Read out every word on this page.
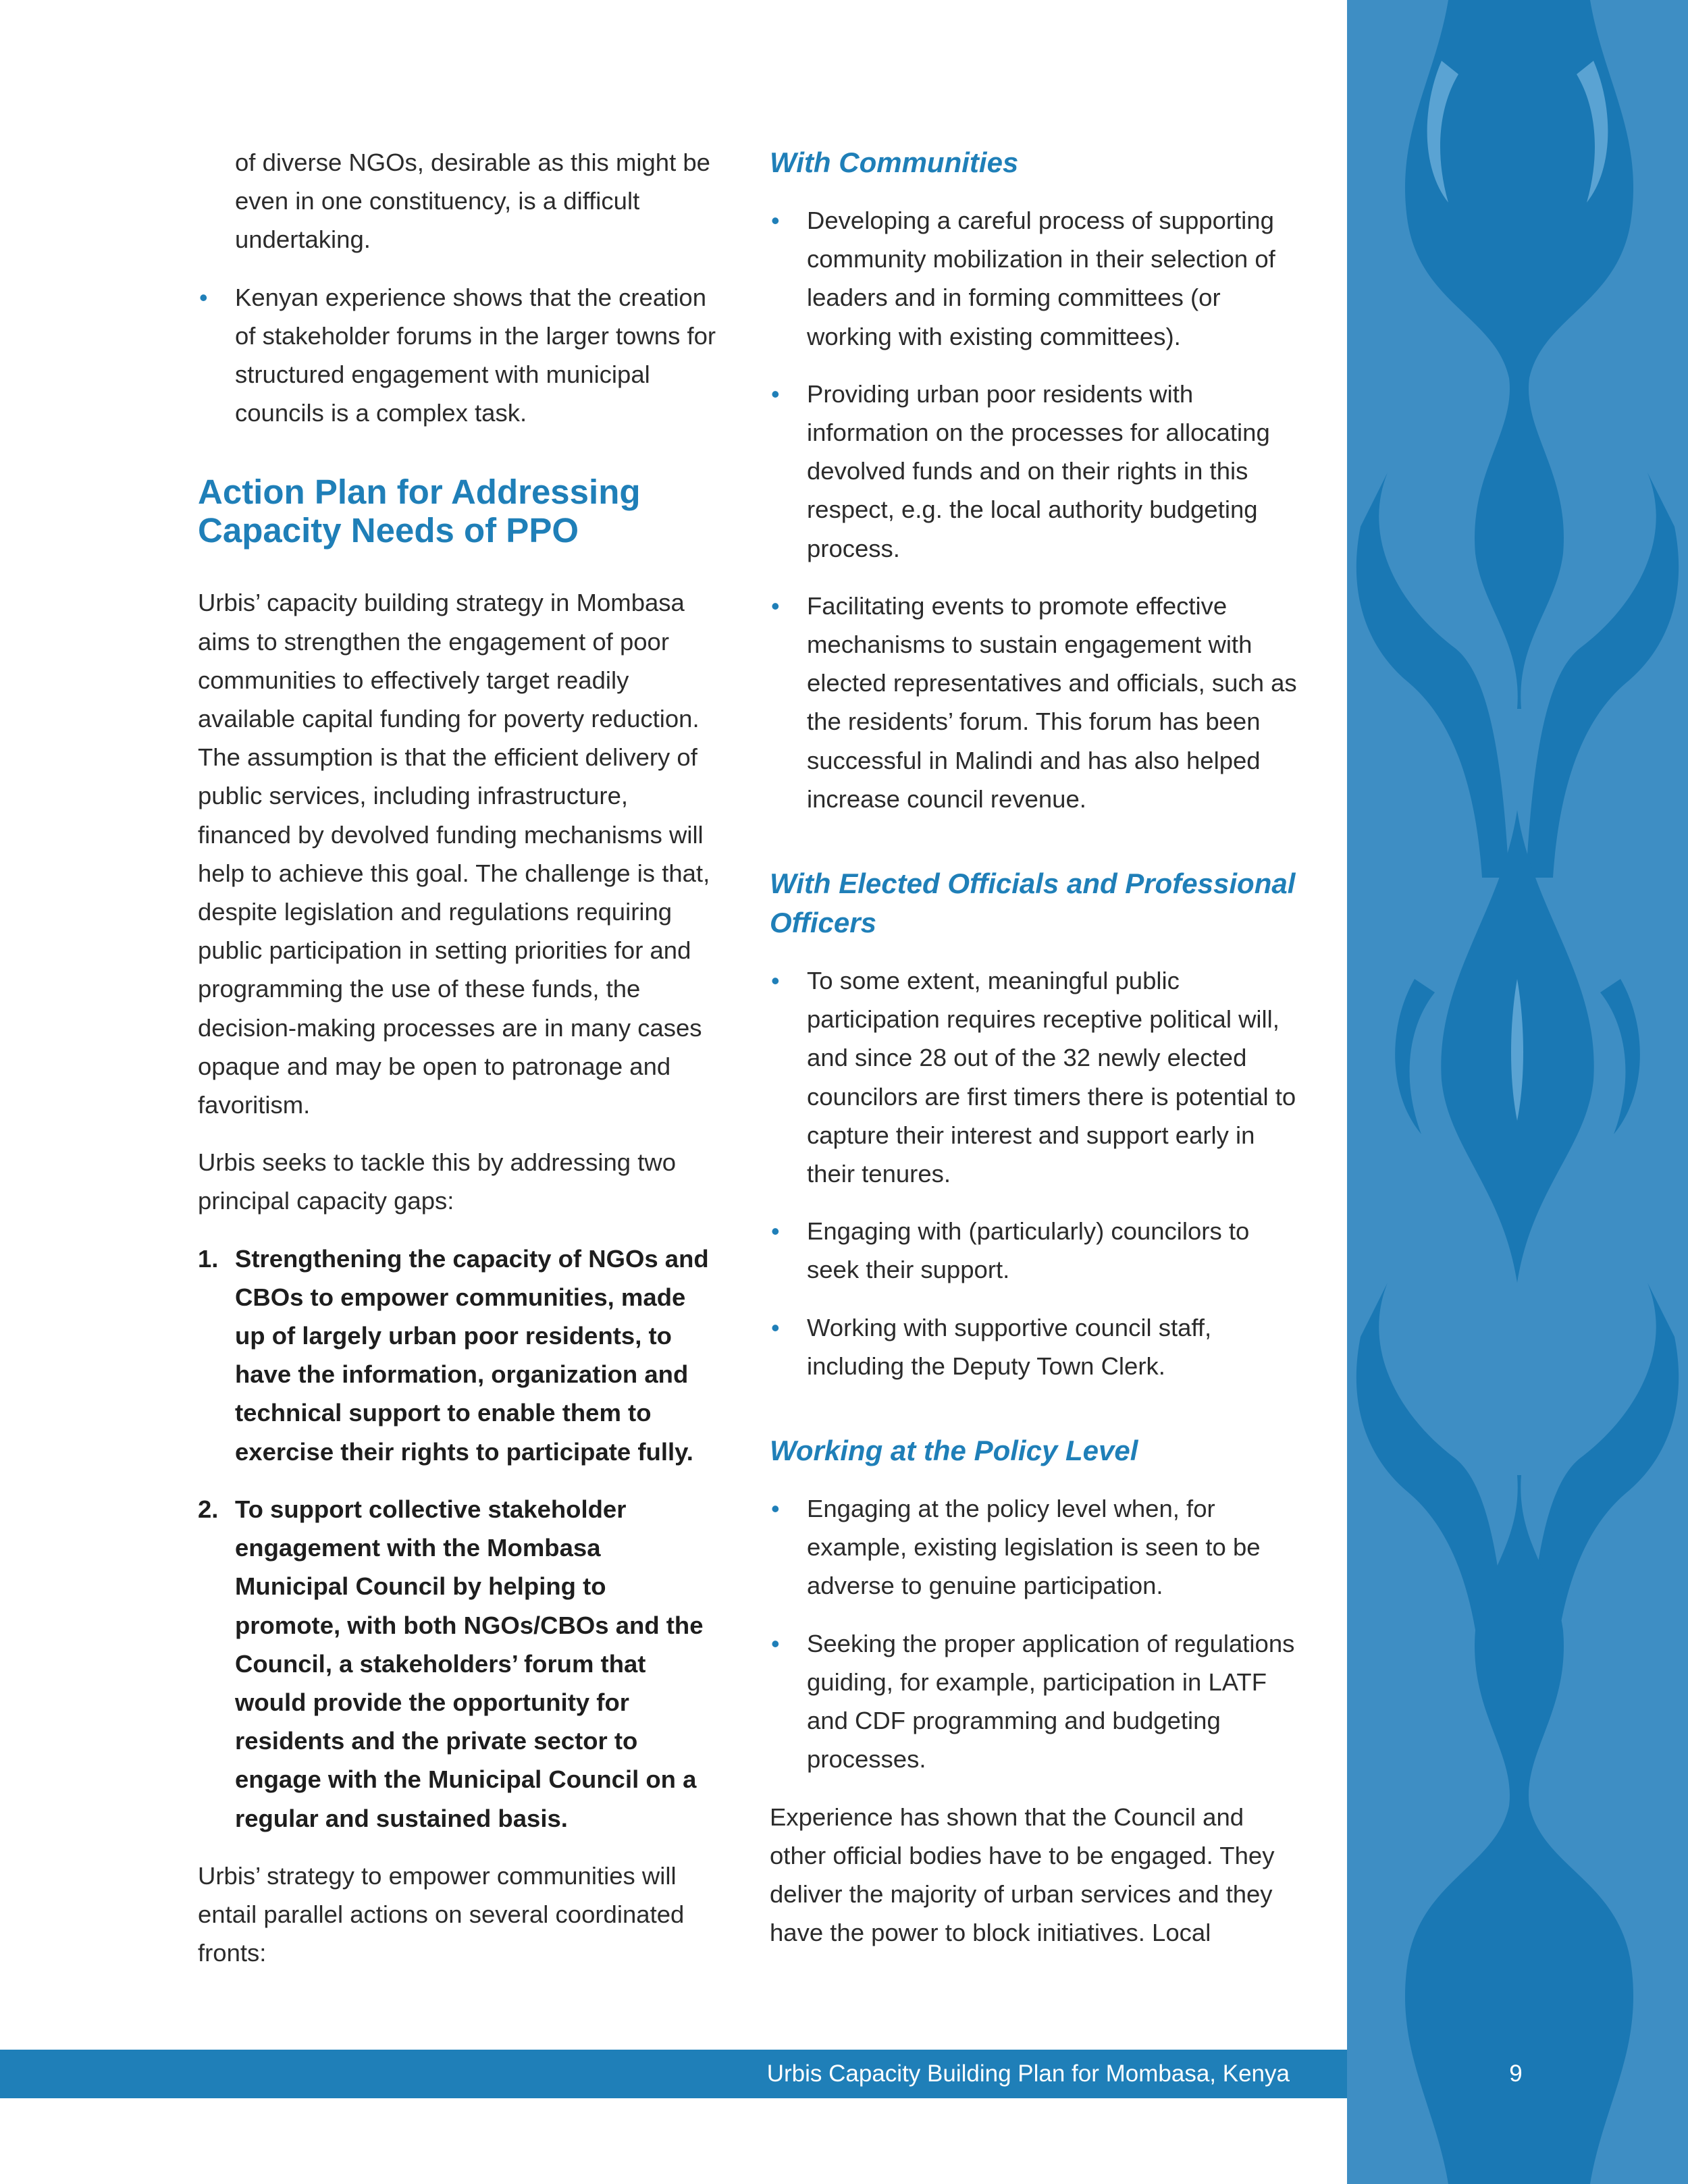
of diverse NGOs, desirable as this might be even in one constituency, is a difficult undertaking.

• Kenyan experience shows that the creation of stakeholder forums in the larger towns for structured engagement with municipal councils is a complex task.
Action Plan for Addressing Capacity Needs of PPO

Urbis’ capacity building strategy in Mombasa aims to strengthen the engagement of poor communities to effectively target readily available capital funding for poverty reduction. The assumption is that the efficient delivery of public services, including infrastructure, financed by devolved funding mechanisms will help to achieve this goal. The challenge is that, despite legislation and regulations requiring public participation in setting priorities for and programming the use of these funds, the decision-making processes are in many cases opaque and may be open to patronage and favoritism.

Urbis seeks to tackle this by addressing two principal capacity gaps:

1. Strengthening the capacity of NGOs and CBOs to empower communities, made up of largely urban poor residents, to have the information, organization and technical support to enable them to exercise their rights to participate fully.
2. To support collective stakeholder engagement with the Mombasa Municipal Council by helping to promote, with both NGOs/CBOs and the Council, a stakeholders’ forum that would provide the opportunity for residents and the private sector to engage with the Municipal Council on a regular and sustained basis.

Urbis’ strategy to empower communities will entail parallel actions on several coordinated fronts:

With Communities
• Developing a careful process of supporting community mobilization in their selection of leaders and in forming committees (or working with existing committees).
• Providing urban poor residents with information on the processes for allocating devolved funds and on their rights in this respect, e.g. the local authority budgeting process.
• Facilitating events to promote effective mechanisms to sustain engagement with elected representatives and officials, such as the residents’ forum. This forum has been successful in Malindi and has also helped increase council revenue.
With Elected Officials and Professional Officers
• To some extent, meaningful public participation requires receptive political will, and since 28 out of the 32 newly elected councilors are first timers there is potential to capture their interest and support early in their tenures.
• Engaging with (particularly) councilors to seek their support.
• Working with supportive council staff, including the Deputy Town Clerk.
Working at the Policy Level
• Engaging at the policy level when, for example, existing legislation is seen to be adverse to genuine participation.
• Seeking the proper application of regulations guiding, for example, participation in LATF and CDF programming and budgeting processes.

Experience has shown that the Council and other official bodies have to be engaged. They deliver the majority of urban services and they have the power to block initiatives. Local

Urbis Capacity Building Plan for Mombasa, Kenya	9
